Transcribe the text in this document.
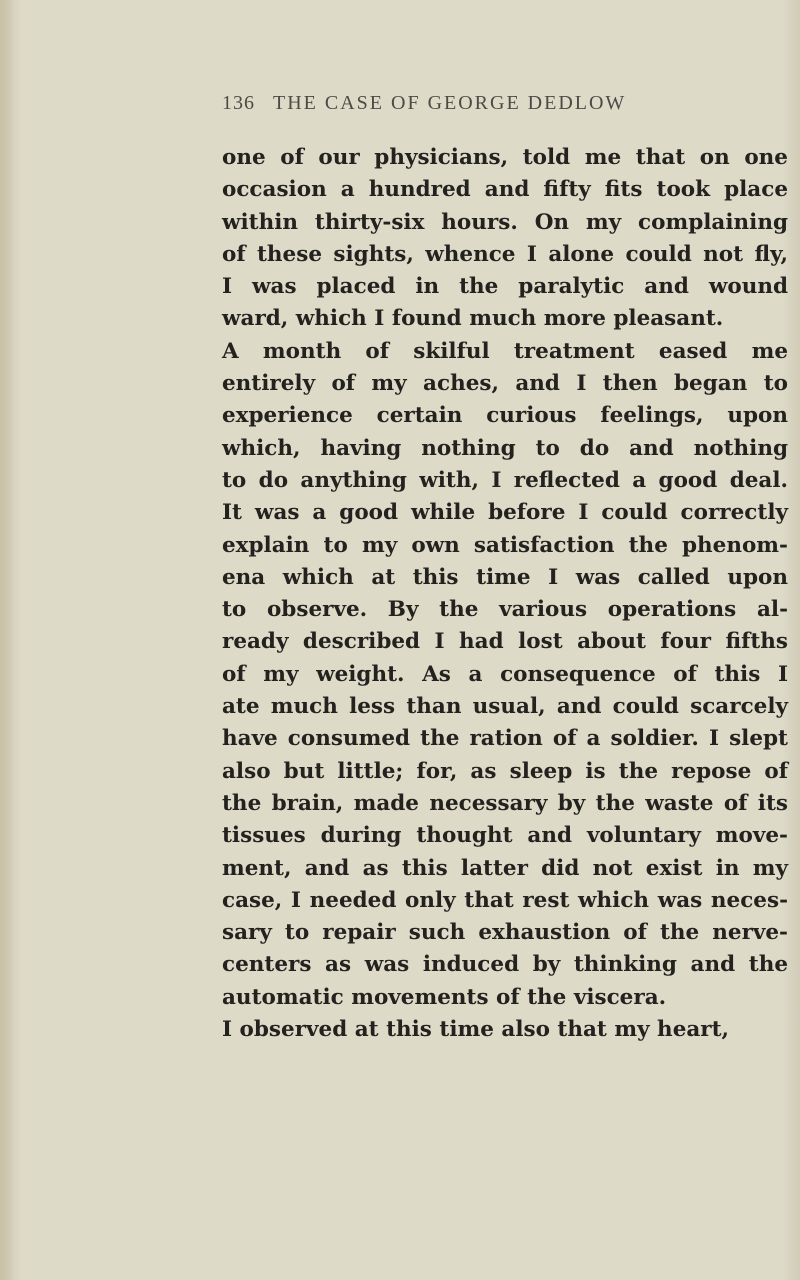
136 THE CASE OF GEORGE DEDLOW
one of our physicians, told me that on one
occasion a hundred and fifty fits took place
within thirty-six hours. On my complaining
of these sights, whence I alone could not fly,
I was placed in the paralytic and wound
ward, which I found much more pleasant.
A month of skilful treatment eased me
entirely of my aches, and I then began to
experience certain curious feelings, upon
which, having nothing to do and nothing
to do anything with, I reflected a good deal.
It was a good while before I could correctly
explain to my own satisfaction the phenom-
ena which at this time I was called upon
to observe. By the various operations al-
ready described I had lost about four fifths
of my weight. As a consequence of this I
ate much less than usual, and could scarcely
have consumed the ration of a soldier. I slept
also but little; for, as sleep is the repose of
the brain, made necessary by the waste of its
tissues during thought and voluntary move-
ment, and as this latter did not exist in my
case, I needed only that rest which was neces-
sary to repair such exhaustion of the nerve-
centers as was induced by thinking and the
automatic movements of the viscera.
I observed at this time also that my heart,
